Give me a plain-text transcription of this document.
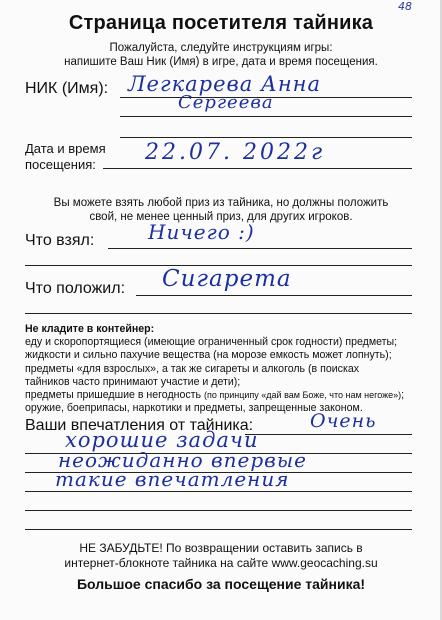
48
Страница посетителя тайника
Пожалуйста, следуйте инструкциям игры:
напишите Ваш Ник (Имя) в игре, дата и время посещения.
НИК (Имя): Легкарева Анна
Сергеева
Дата и время
посещения:	22.07. 2022г
Вы можете взять любой приз из тайника, но должны положить
свой, не менее ценный приз, для других игроков.
Что взял:	Ничего :)
Что положил: Сигарета
Не кладите в контейнер:
еду и скоропортящиеся (имеющие ограниченный срок годности) предметы;
жидкости и сильно пахучие вещества (на морозе емкость может лопнуть);
предметы «для взрослых», а так же сигареты и алкоголь (в поисках
тайников часто принимают участие и дети);
предметы пришедшие в негодность (по принципу «дай вам Боже, что нам негоже»);
оружие, боеприпасы, наркотики и предметы, запрещенные законом.
Ваши впечатления от тайника:	Очень
хорошие задачи
неожиданно впервые
такие впечатления
НЕ ЗАБУДЬТЕ! По возвращении оставить запись в
интернет-блокноте тайника на сайте www.geocaching.su
Большое спасибо за посещение тайника!
